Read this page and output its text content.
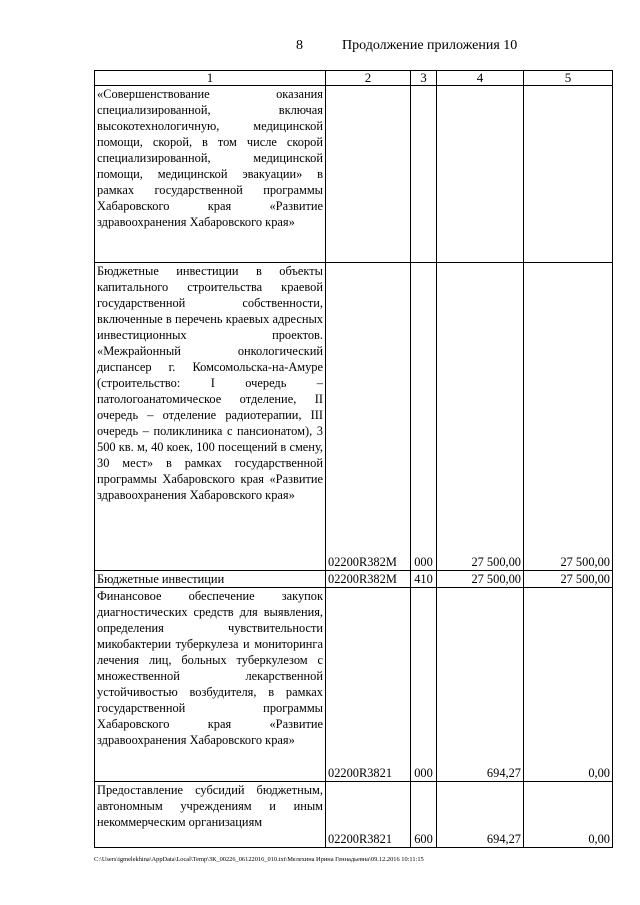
8	Продолжение приложения 10
1	2	3	4	5
«Совершенствование оказания специализированной, включая высокотехнологичную, медицинской помощи, скорой, в том числе скорой специализированной, медицинской помощи, медицинской эвакуации» в рамках государственной программы Хабаровского края «Развитие здравоохранения Хабаровского края»				
Бюджетные инвестиции в объекты капитального строительства краевой государственной собственности, включенные в перечень краевых адресных инвестиционных проектов. «Межрайонный онкологический диспансер г. Комсомольска-на-Амуре (строительство: I очередь – патологоанатомическое отделение, II очередь – отделение радиотерапии, III очередь – поликлиника с пансионатом), 3 500 кв. м, 40 коек, 100 посещений в смену, 30 мест» в рамках государственной программы Хабаровского края «Развитие здравоохранения Хабаровского края»	02200R382M	000	27 500,00	27 500,00
Бюджетные инвестиции	02200R382M	410	27 500,00	27 500,00
Финансовое обеспечение закупок диагностических средств для выявления, определения чувствительности микобактерии туберкулеза и мониторинга лечения лиц, больных туберкулезом с множественной лекарственной устойчивостью возбудителя, в рамках государственной программы Хабаровского края «Развитие здравоохранения Хабаровского края»	02200R3821	000	694,27	0,00
Предоставление субсидий бюджетным, автономным учреждениям и иным некоммерческим организациям	02200R3821	600	694,27	0,00
C:\Users\igmelekhina\AppData\Local\Temp\ЗК_00226_06122016_010.txt\Мелехина Ирина Геннадьевна\09.12.2016 10:11:15
